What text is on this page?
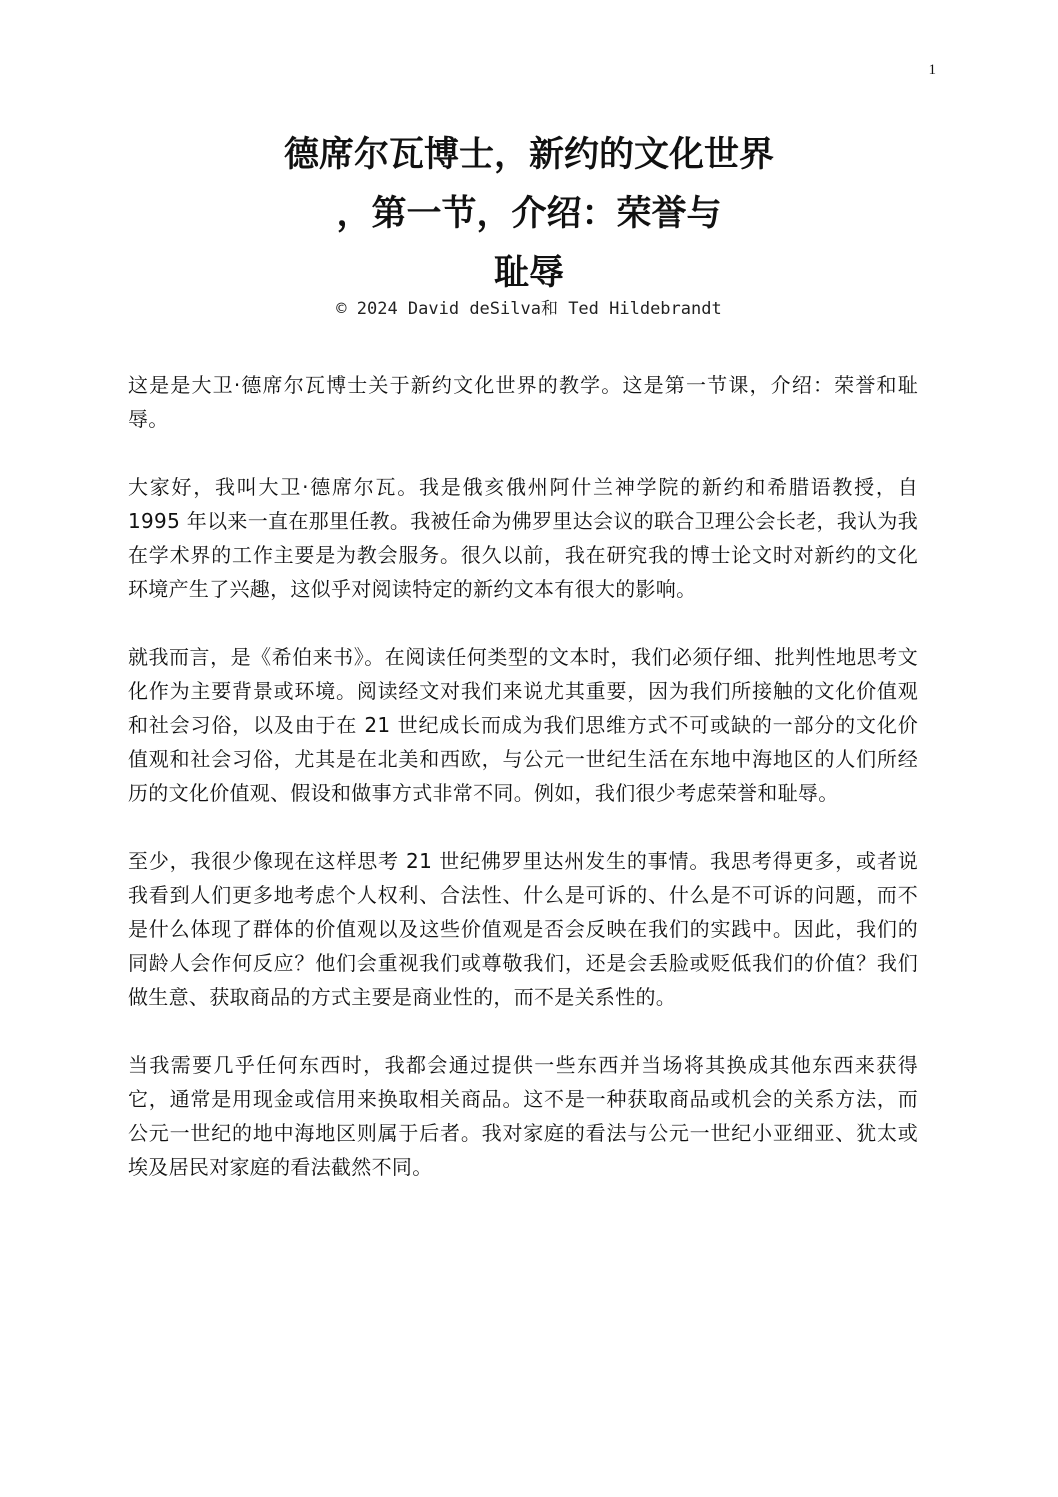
1
德席尔瓦博士，新约的文化世界
，第一节，介绍：荣誉与
耻辱
© 2024 David deSilva和 Ted Hildebrandt

这是是大卫·德席尔瓦博士关于新约文化世界的教学。这是第一节课，介绍：荣誉和耻辱。

大家好，我叫大卫·德席尔瓦。我是俄亥俄州阿什兰神学院的新约和希腊语教授，自 1995 年以来一直在那里任教。我被任命为佛罗里达会议的联合卫理公会长老，我认为我在学术界的工作主要是为教会服务。很久以前，我在研究我的博士论文时对新约的文化环境产生了兴趣，这似乎对阅读特定的新约文本有很大的影响。

就我而言，是《希伯来书》。在阅读任何类型的文本时，我们必须仔细、批判性地思考文化作为主要背景或环境。阅读经文对我们来说尤其重要，因为我们所接触的文化价值观和社会习俗，以及由于在 21 世纪成长而成为我们思维方式不可或缺的一部分的文化价值观和社会习俗，尤其是在北美和西欧，与公元一世纪生活在东地中海地区的人们所经历的文化价值观、假设和做事方式非常不同。例如，我们很少考虑荣誉和耻辱。

至少，我很少像现在这样思考 21 世纪佛罗里达州发生的事情。我思考得更多，或者说我看到人们更多地考虑个人权利、合法性、什么是可诉的、什么是不可诉的问题，而不是什么体现了群体的价值观以及这些价值观是否会反映在我们的实践中。因此，我们的同龄人会作何反应？他们会重视我们或尊敬我们，还是会丢脸或贬低我们的价值？我们做生意、获取商品的方式主要是商业性的，而不是关系性的。

当我需要几乎任何东西时，我都会通过提供一些东西并当场将其换成其他东西来获得它，通常是用现金或信用来换取相关商品。这不是一种获取商品或机会的关系方法，而公元一世纪的地中海地区则属于后者。我对家庭的看法与公元一世纪小亚细亚、犹太或埃及居民对家庭的看法截然不同。
